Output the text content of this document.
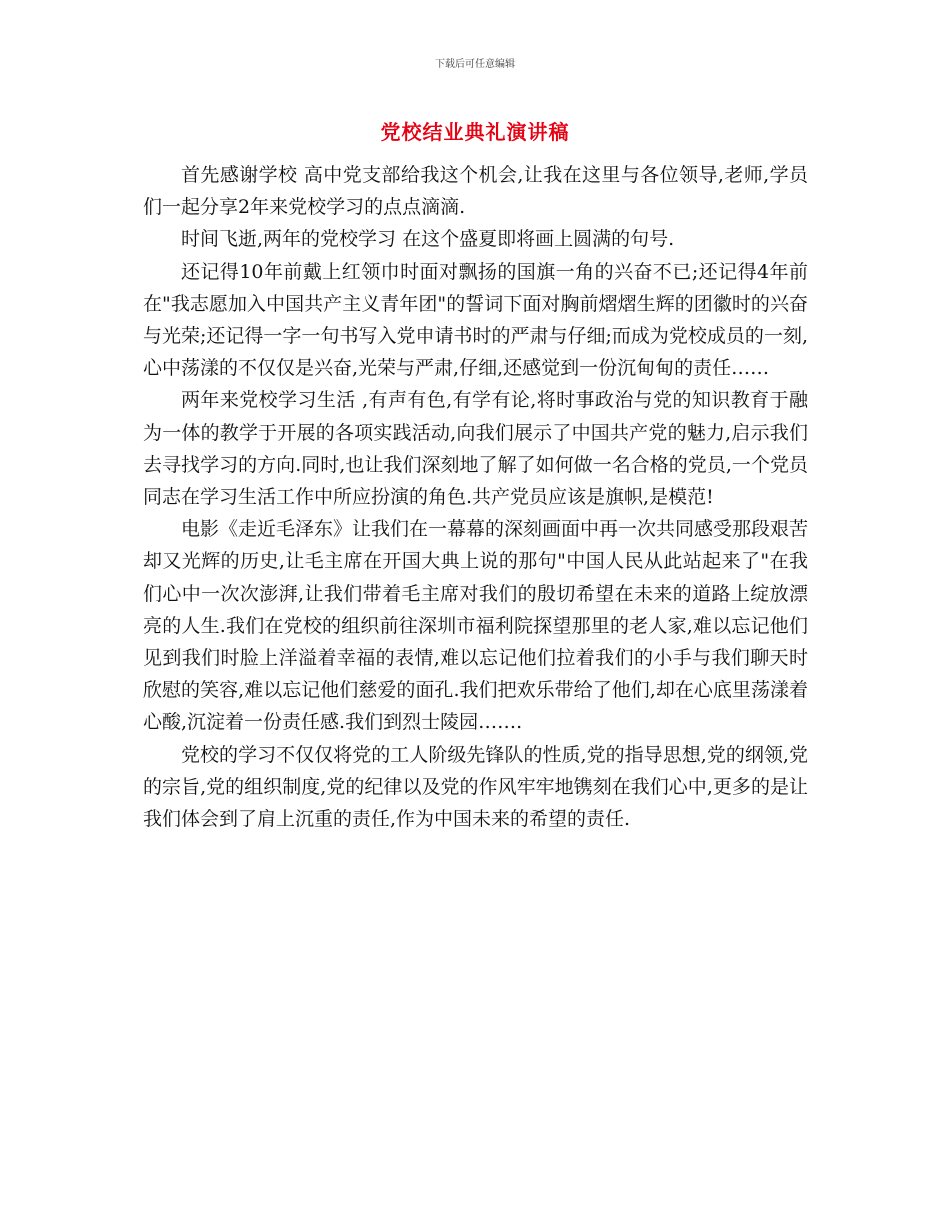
下载后可任意编辑
党校结业典礼演讲稿

首先感谢学校 高中党支部给我这个机会,让我在这里与各位领导,老师,学员们一起分享2年来党校学习的点点滴滴.

时间飞逝,两年的党校学习 在这个盛夏即将画上圆满的句号.

还记得10年前戴上红领巾时面对飘扬的国旗一角的兴奋不已;还记得4年前在"我志愿加入中国共产主义青年团"的誓词下面对胸前熠熠生辉的团徽时的兴奋与光荣;还记得一字一句书写入党申请书时的严肃与仔细;而成为党校成员的一刻,心中荡漾的不仅仅是兴奋,光荣与严肃,仔细,还感觉到一份沉甸甸的责任……

两年来党校学习生活 ,有声有色,有学有论,将时事政治与党的知识教育于融为一体的教学于开展的各项实践活动,向我们展示了中国共产党的魅力,启示我们去寻找学习的方向.同时,也让我们深刻地了解了如何做一名合格的党员,一个党员同志在学习生活工作中所应扮演的角色.共产党员应该是旗帜,是模范!

电影《走近毛泽东》让我们在一幕幕的深刻画面中再一次共同感受那段艰苦却又光辉的历史,让毛主席在开国大典上说的那句"中国人民从此站起来了"在我们心中一次次澎湃,让我们带着毛主席对我们的殷切希望在未来的道路上绽放漂亮的人生.我们在党校的组织前往深圳市福利院探望那里的老人家,难以忘记他们见到我们时脸上洋溢着幸福的表情,难以忘记他们拉着我们的小手与我们聊天时欣慰的笑容,难以忘记他们慈爱的面孔.我们把欢乐带给了他们,却在心底里荡漾着心酸,沉淀着一份责任感.我们到烈士陵园…….

党校的学习不仅仅将党的工人阶级先锋队的性质,党的指导思想,党的纲领,党的宗旨,党的组织制度,党的纪律以及党的作风牢牢地镌刻在我们心中,更多的是让我们体会到了肩上沉重的责任,作为中国未来的希望的责任.
